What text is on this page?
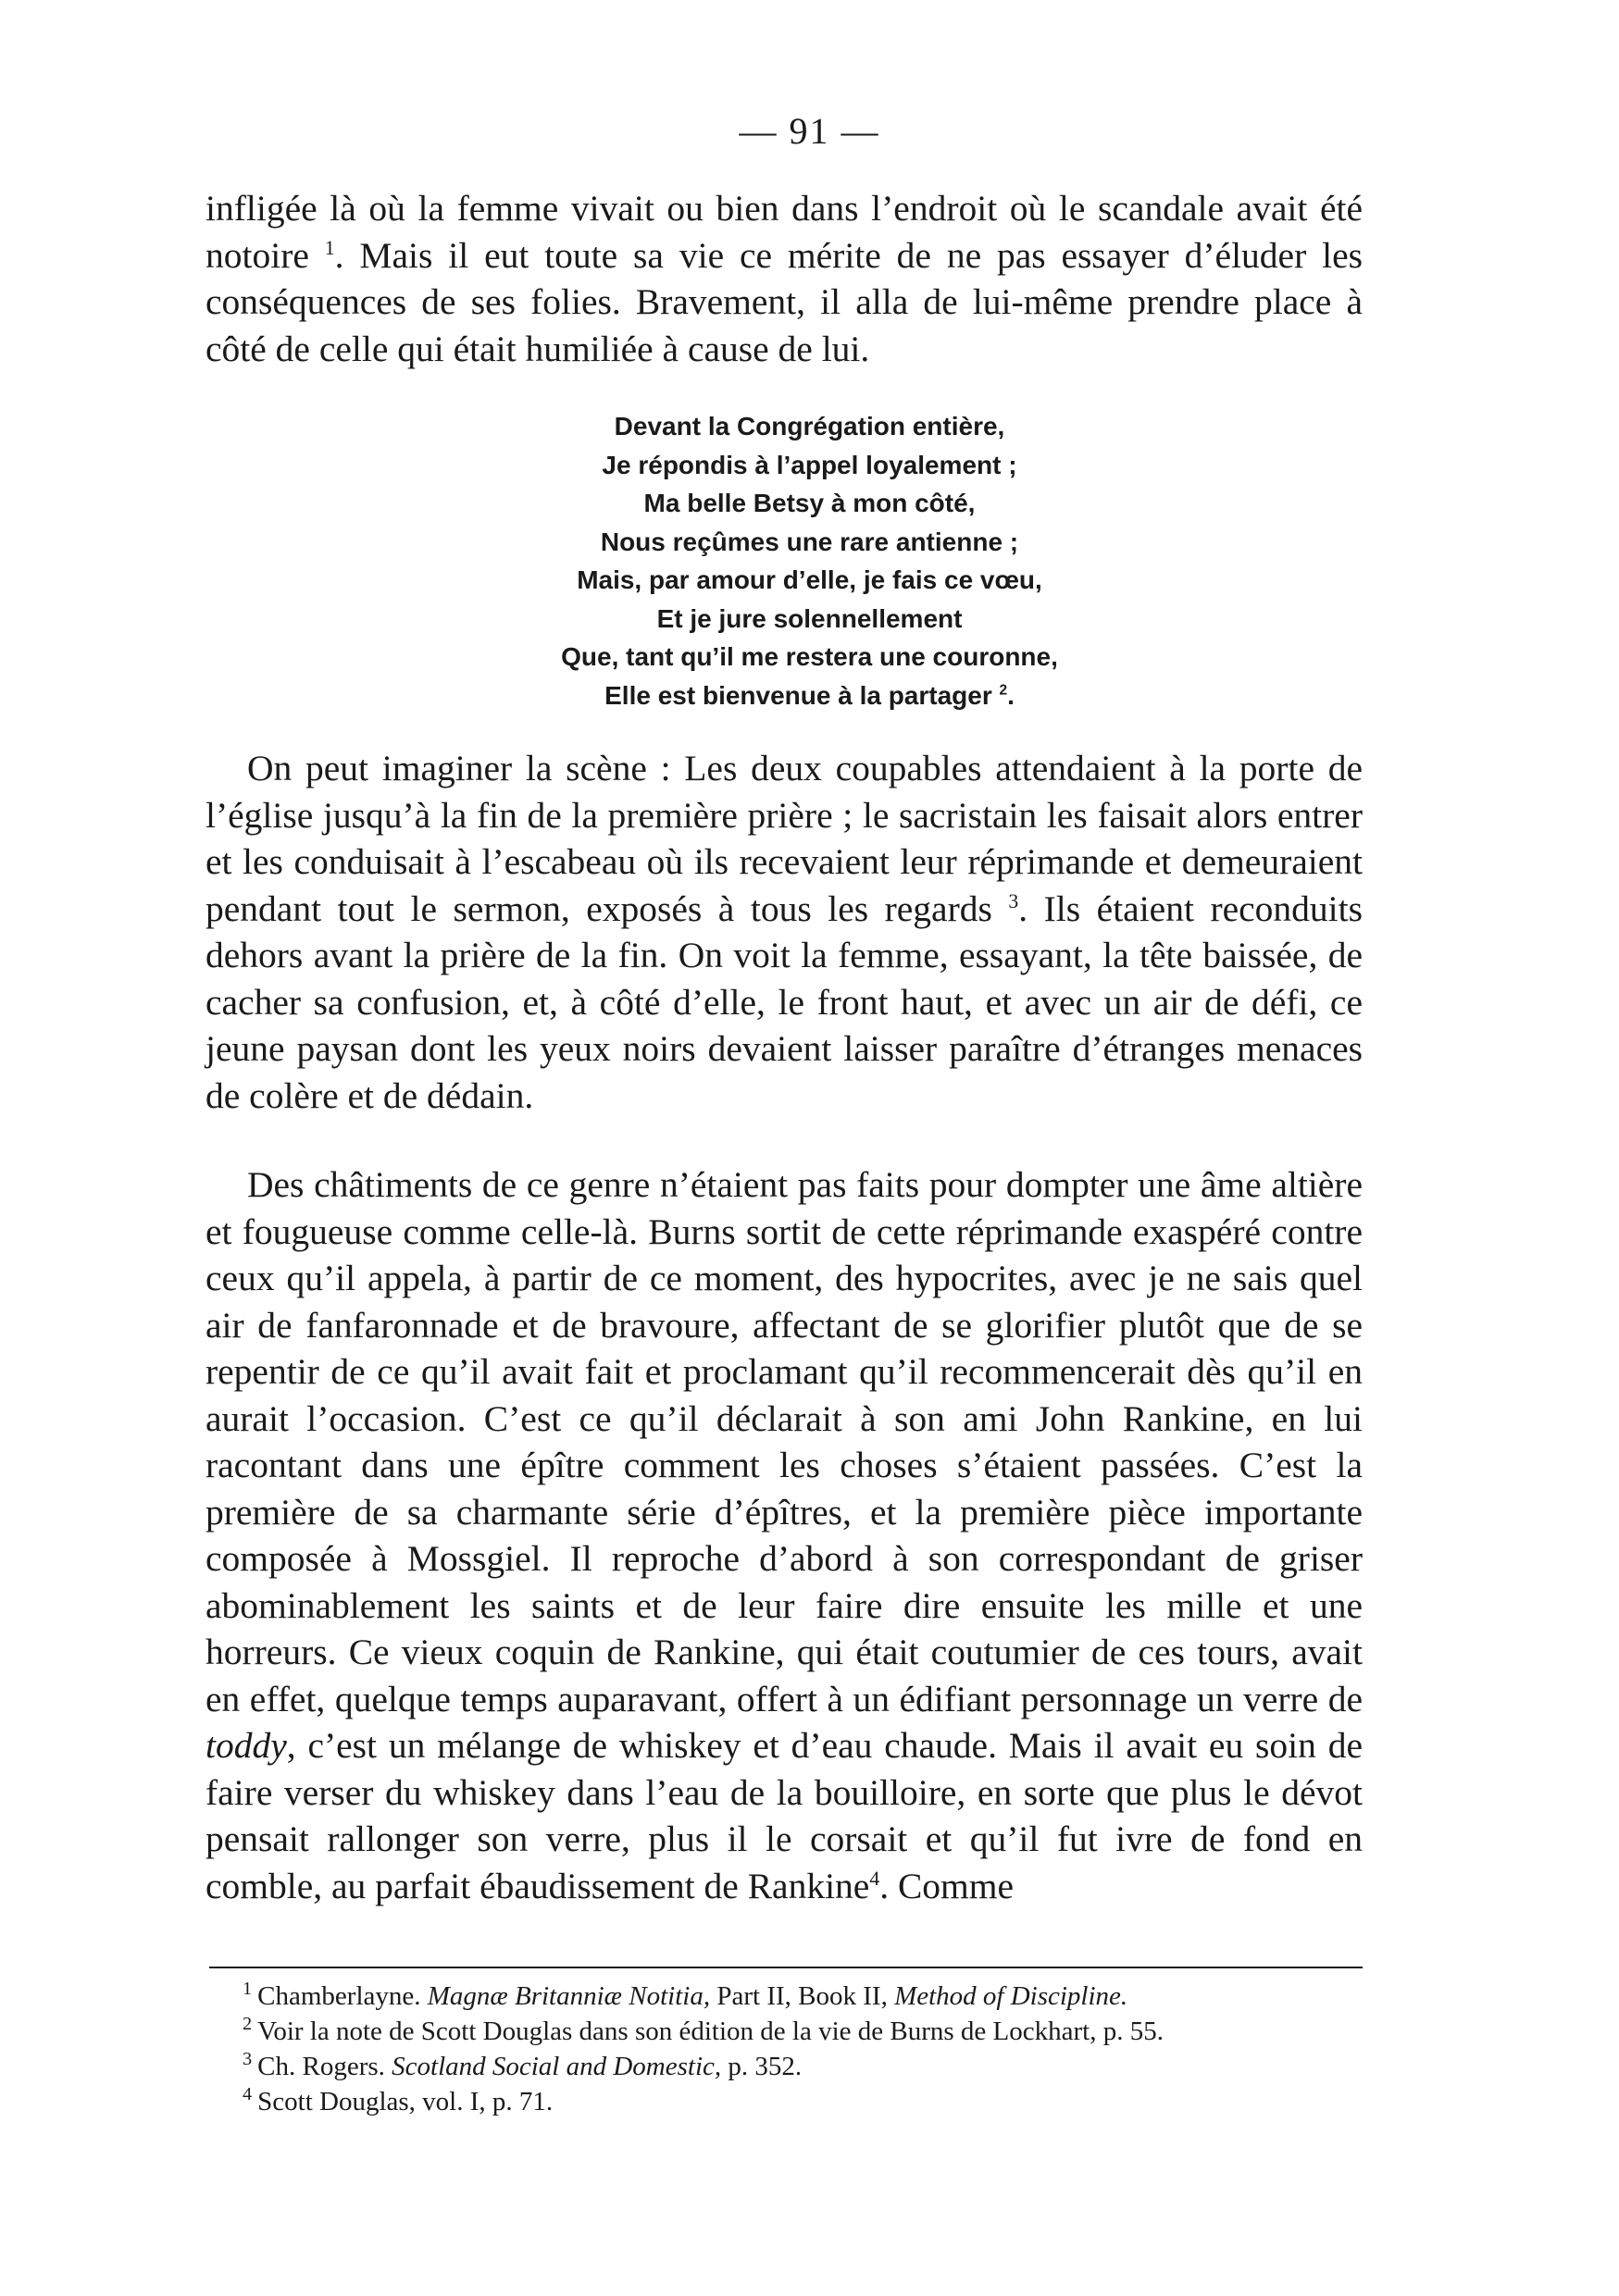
— 91 —

infligée là où la femme vivait ou bien dans l’endroit où le scandale avait été notoire $^1$. Mais il eut toute sa vie ce mérite de ne pas essayer d’éluder les conséquences de ses folies. Bravement, il alla de lui-même prendre place à côté de celle qui était humiliée à cause de lui.

Devant la Congrégation entière,
Je répondis à l’appel loyalement ;
Ma belle Betsy à mon côté,
Nous reçûmes une rare antienne ;
Mais, par amour d’elle, je fais ce vœu,
Et je jure solennellement
Que, tant qu’il me restera une couronne,
Elle est bienvenue à la partager $^2$.

On peut imaginer la scène : Les deux coupables attendaient à la porte de l’église jusqu’à la fin de la première prière ; le sacristain les faisait alors entrer et les conduisait à l’escabeau où ils recevaient leur réprimande et demeuraient pendant tout le sermon, exposés à tous les regards $^3$. Ils étaient reconduits dehors avant la prière de la fin. On voit la femme, essayant, la tête baissée, de cacher sa confusion, et, à côté d’elle, le front haut, et avec un air de défi, ce jeune paysan dont les yeux noirs devaient laisser paraître d’étranges menaces de colère et de dédain.

Des châtiments de ce genre n’étaient pas faits pour dompter une âme altière et fougueuse comme celle-là. Burns sortit de cette réprimande exaspéré contre ceux qu’il appela, à partir de ce moment, des hypocrites, avec je ne sais quel air de fanfaronnade et de bravoure, affectant de se glorifier plutôt que de se repentir de ce qu’il avait fait et proclamant qu’il recommencerait dès qu’il en aurait l’occasion. C’est ce qu’il déclarait à son ami John Rankine, en lui racontant dans une épître comment les choses s’étaient passées. C’est la première de sa charmante série d’épîtres, et la première pièce importante composée à Mossgiel. Il reproche d’abord à son correspondant de griser abominablement les saints et de leur faire dire ensuite les mille et une horreurs. Ce vieux coquin de Rankine, qui était coutumier de ces tours, avait en effet, quelque temps auparavant, offert à un édifiant personnage un verre de toddy, c’est un mélange de whiskey et d’eau chaude. Mais il avait eu soin de faire verser du whiskey dans l’eau de la bouilloire, en sorte que plus le dévot pensait rallonger son verre, plus il le corsait et qu’il fut ivre de fond en comble, au parfait ébaudissement de Rankine$^4$. Comme

$^1$ Chamberlayne. Magnæ Britanniæ Notitia, Part II, Book II, Method of Discipline.

$^2$ Voir la note de Scott Douglas dans son édition de la vie de Burns de Lockhart, p. 55.

$^3$ Ch. Rogers. Scotland Social and Domestic, p. 352.

$^4$ Scott Douglas, vol. I, p. 71.
